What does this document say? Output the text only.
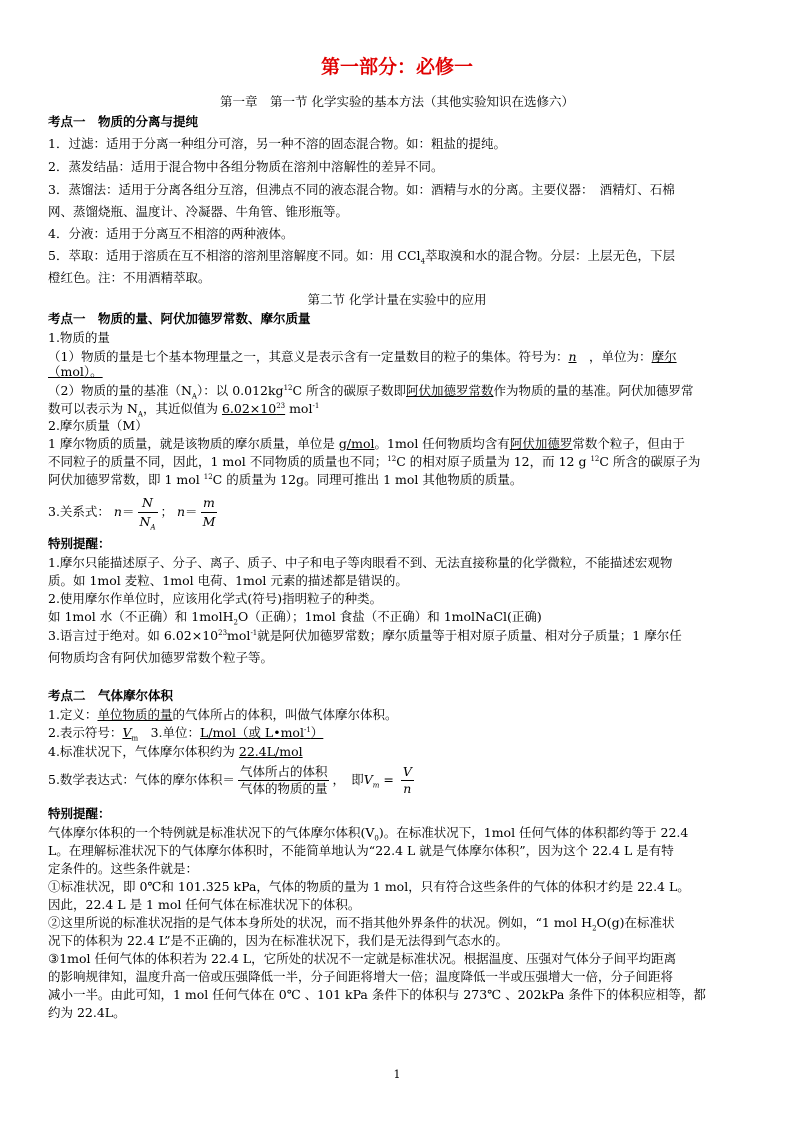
第一部分：必修一
第一章　第一节 化学实验的基本方法（其他实验知识在选修六）
考点一　物质的分离与提纯
1．过滤：适用于分离一种组分可溶，另一种不溶的固态混合物。如：粗盐的提纯。
2．蒸发结晶：适用于混合物中各组分物质在溶剂中溶解性的差异不同。
3．蒸馏法：适用于分离各组分互溶，但沸点不同的液态混合物。如：酒精与水的分离。主要仪器：　酒精灯、石棉
网、蒸馏烧瓶、温度计、冷凝器、牛角管、锥形瓶等。
4．分液：适用于分离互不相溶的两种液体。
5．萃取：适用于溶质在互不相溶的溶剂里溶解度不同。如：用 CCl$_4$萃取溴和水的混合物。分层：上层无色，下层
橙红色。注：不用酒精萃取。
第二节 化学计量在实验中的应用
考点一　物质的量、阿伏加德罗常数、摩尔质量
1.物质的量
（1）物质的量是七个基本物理量之一，其意义是表示含有一定量数目的粒子的集体。符号为：n　 ，单位为：摩尔
（mol）。
（2）物质的量的基准$(N_A)$：以 $0.012kg^{12}C$ 所含的碳原子数即阿伏加德罗常数作为物质的量的基准。阿伏加德罗常
数可以表示为 $N_A$，其近似值为 $6.02\times 10^{23}$ mol$^{-1}$
2.摩尔质量（M）
1 摩尔物质的质量，就是该物质的摩尔质量，单位是 g/mol。1mol 任何物质均含有阿伏加德罗常数个粒子，但由于
不同粒子的质量不同，因此，1 mol 不同物质的质量也不同；$^{12}$C 的相对原子质量为 12，而 12 g $^{12}$C 所含的碳原子为
阿伏加德罗常数，即 1 mol $^{12}$C 的质量为 12g。同理可推出 1 mol 其他物质的质量。
3.关系式： $n= \frac{N}{N_A}$ ； $n= \frac{m}{M}$
特别提醒：
1.摩尔只能描述原子、分子、离子、质子、中子和电子等肉眼看不到、无法直接称量的化学微粒，不能描述宏观物
质。如 1mol 麦粒、1mol 电荷、1mol 元素的描述都是错误的。
2.使用摩尔作单位时，应该用化学式(符号)指明粒子的种类。
如 1mol 水（不正确）和 1molH$_2$O（正确）；1mol 食盐（不正确）和 1molNaCl(正确)
3.语言过于绝对。如 $6.02\times 10^{23}mol^{-1}$就是阿伏加德罗常数；摩尔质量等于相对原子质量、相对分子质量；1 摩尔任
何物质均含有阿伏加德罗常数个粒子等。
考点二　气体摩尔体积
1.定义：单位物质的量的气体所占的体积，叫做气体摩尔体积。
2.表示符号：$V_m$　3.单位：L/mol（或 L•mol$^{-1}$）
4.标准状况下，气体摩尔体积约为 22.4L/mol
5.数学表达式：气体的摩尔体积＝ $\frac{\text{气体所占的体积}}{\text{气体的物质的量}}$ ，　即$V_m = \frac{V}{n}$
特别提醒：
气体摩尔体积的一个特例就是标准状况下的气体摩尔体积$(V_0)$。在标准状况下，1mol 任何气体的体积都约等于 22.4
L。在理解标准状况下的气体摩尔体积时，不能简单地认为“22.4 L 就是气体摩尔体积”，因为这个 22.4 L 是有特
定条件的。这些条件就是：
①标准状况，即 0℃和 101.325 kPa，气体的物质的量为 1 mol，只有符合这些条件的气体的体积才约是 22.4 L。
因此，22.4 L 是 1 mol 任何气体在标准状况下的体积。
②这里所说的标准状况指的是气体本身所处的状况，而不指其他外界条件的状况。例如，“1 mol $H_2O(g)$在标准状
况下的体积为 22.4 L”是不正确的，因为在标准状况下，我们是无法得到气态水的。
③1mol 任何气体的体积若为 22.4 L，它所处的状况不一定就是标准状况。根据温度、压强对气体分子间平均距离
的影响规律知，温度升高一倍或压强降低一半，分子间距将增大一倍；温度降低一半或压强增大一倍，分子间距将
减小一半。由此可知，1 mol 任何气体在 0℃ 、101 kPa 条件下的体积与 273℃ 、202kPa 条件下的体积应相等，都
约为 22.4L。
1
